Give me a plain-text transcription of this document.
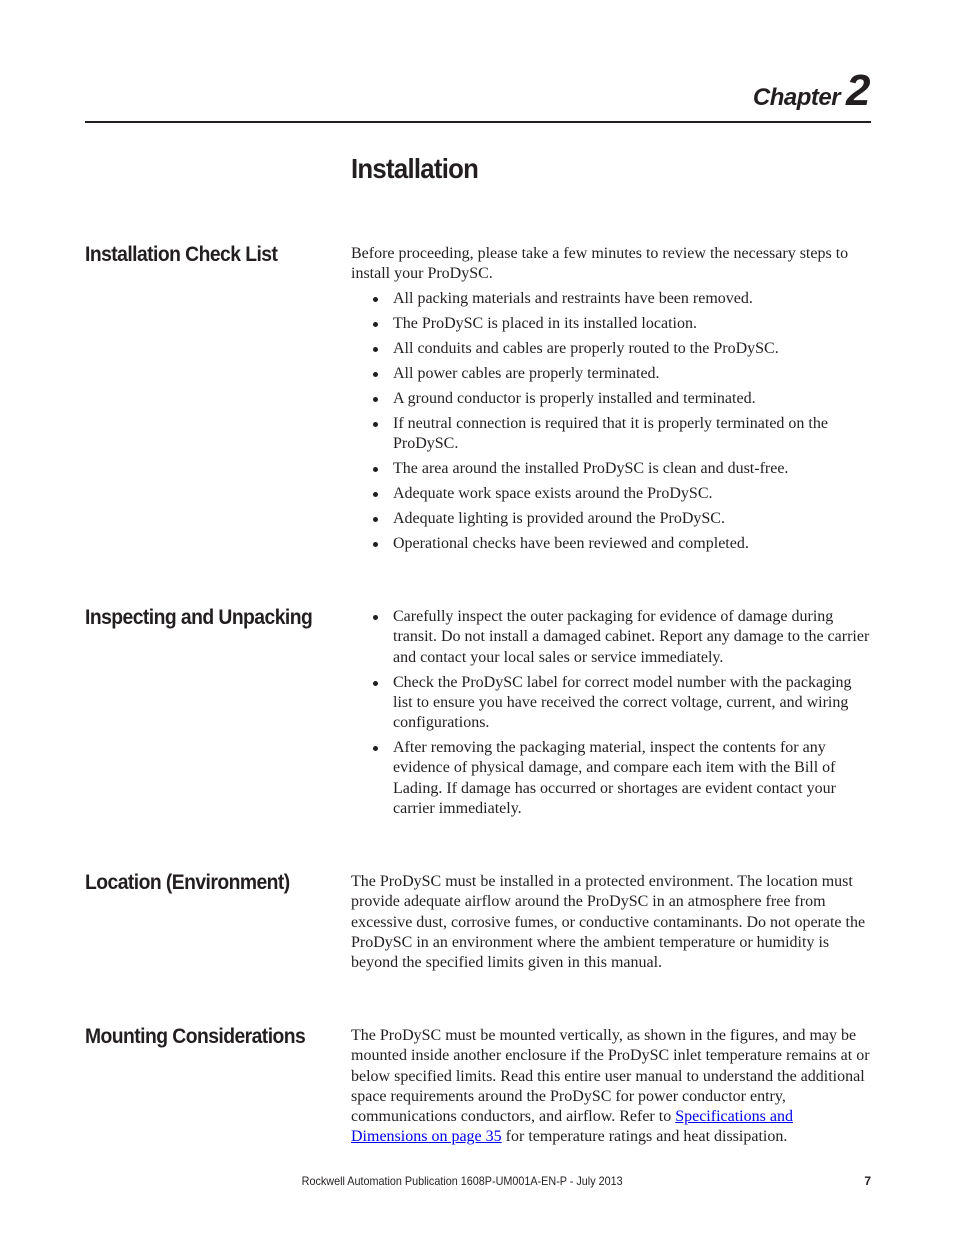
Chapter 2
Installation
Installation Check List	Before proceeding, please take a few minutes to review the necessary steps to install your ProDySC.

All packing materials and restraints have been removed.
The ProDySC is placed in its installed location.
All conduits and cables are properly routed to the ProDySC.
All power cables are properly terminated.
A ground conductor is properly installed and terminated.
If neutral connection is required that it is properly terminated on the ProDySC.
The area around the installed ProDySC is clean and dust-free.
Adequate work space exists around the ProDySC.
Adequate lighting is provided around the ProDySC.
Operational checks have been reviewed and completed.
Inspecting and Unpacking	Carefully inspect the outer packaging for evidence of damage during transit. Do not install a damaged cabinet. Report any damage to the carrier and contact your local sales or service immediately.
Check the ProDySC label for correct model number with the packaging list to ensure you have received the correct voltage, current, and wiring configurations.
After removing the packaging material, inspect the contents for any evidence of physical damage, and compare each item with the Bill of Lading. If damage has occurred or shortages are evident contact your carrier immediately.
Location (Environment)	The ProDySC must be installed in a protected environment. The location must provide adequate airflow around the ProDySC in an atmosphere free from excessive dust, corrosive fumes, or conductive contaminants. Do not operate the ProDySC in an environment where the ambient temperature or humidity is beyond the specified limits given in this manual.

Mounting Considerations	The ProDySC must be mounted vertically, as shown in the figures, and may be mounted inside another enclosure if the ProDySC inlet temperature remains at or below specified limits. Read this entire user manual to understand the additional space requirements around the ProDySC for power conductor entry, communications conductors, and airflow. Refer to Specifications and Dimensions on page 35 for temperature ratings and heat dissipation.

Rockwell Automation Publication 1608P-UM001A-EN-P - July 2013	7
